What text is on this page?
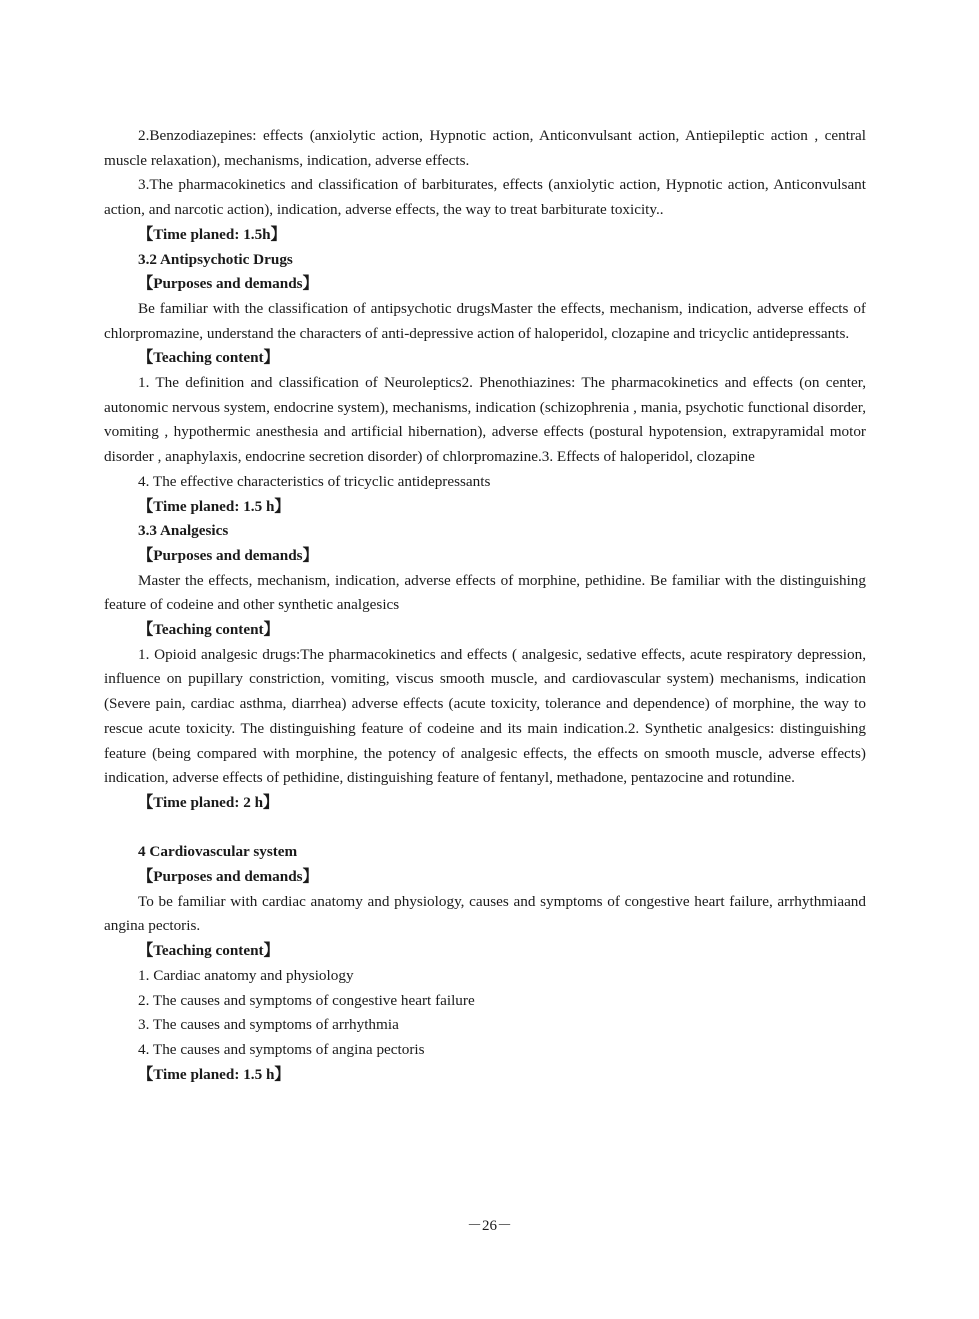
2.Benzodiazepines: effects (anxiolytic action, Hypnotic action, Anticonvulsant action, Antiepileptic action , central muscle relaxation), mechanisms, indication, adverse effects.

3.The pharmacokinetics and classification of barbiturates, effects (anxiolytic action, Hypnotic action, Anticonvulsant action, and narcotic action), indication, adverse effects, the way to treat barbiturate toxicity..

【Time planed: 1.5h】

3.2 Antipsychotic Drugs

【Purposes and demands】

Be familiar with the classification of antipsychotic drugsMaster the effects, mechanism, indication, adverse effects of chlorpromazine, understand the characters of anti-depressive action of haloperidol, clozapine and tricyclic antidepressants.

【Teaching content】

1. The definition and classification of Neuroleptics2. Phenothiazines: The pharmacokinetics and effects (on center, autonomic nervous system, endocrine system), mechanisms, indication (schizophrenia , mania, psychotic functional disorder, vomiting , hypothermic anesthesia and artificial hibernation), adverse effects (postural hypotension, extrapyramidal motor disorder , anaphylaxis, endocrine secretion disorder) of chlorpromazine.3. Effects of haloperidol, clozapine

4. The effective characteristics of tricyclic antidepressants

【Time planed: 1.5 h】

3.3 Analgesics

【Purposes and demands】

Master the effects, mechanism, indication, adverse effects of morphine, pethidine. Be familiar with the distinguishing feature of codeine and other synthetic analgesics

【Teaching content】

1. Opioid analgesic drugs:The pharmacokinetics and effects ( analgesic, sedative effects, acute respiratory depression, influence on pupillary constriction, vomiting, viscus smooth muscle, and cardiovascular system) mechanisms, indication (Severe pain, cardiac asthma, diarrhea) adverse effects (acute toxicity, tolerance and dependence) of morphine, the way to rescue acute toxicity. The distinguishing feature of codeine and its main indication.2. Synthetic analgesics: distinguishing feature (being compared with morphine, the potency of analgesic effects, the effects on smooth muscle, adverse effects) indication, adverse effects of pethidine, distinguishing feature of fentanyl, methadone, pentazocine and rotundine.

【Time planed: 2 h】

4 Cardiovascular system

【Purposes and demands】

To be familiar with cardiac anatomy and physiology, causes and symptoms of congestive heart failure, arrhythmiaand angina pectoris.

【Teaching content】

1. Cardiac anatomy and physiology

2. The causes and symptoms of congestive heart failure

3. The causes and symptoms of arrhythmia

4. The causes and symptoms of angina pectoris

【Time planed: 1.5 h】

－26－
